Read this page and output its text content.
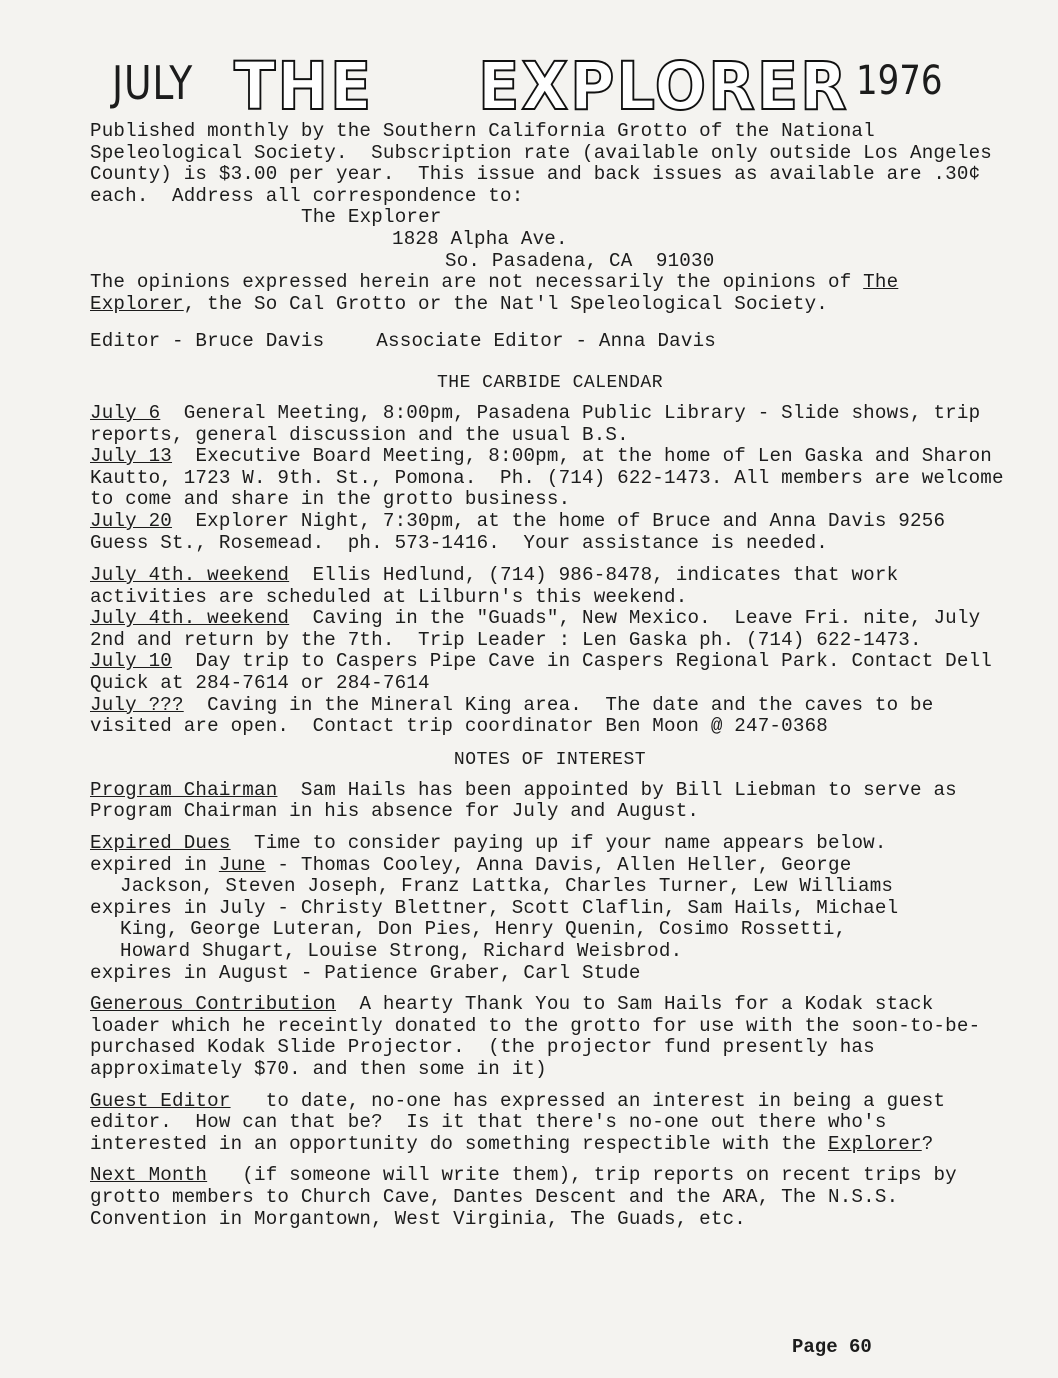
JULY THE EXPLORER 1976

Published monthly by the Southern California Grotto of the National Speleological Society.  Subscription rate (available only outside Los Angeles County) is $3.00 per year.  This issue and back issues as available are .30¢ each.  Address all correspondence to:

The Explorer

1828 Alpha Ave.

So. Pasadena, CA  91030

The opinions expressed herein are not necessarily the opinions of The Explorer, the So Cal Grotto or the Nat'l Speleological Society.

Editor - Bruce Davis	Associate Editor - Anna Davis

THE CARBIDE CALENDAR

July 6  General Meeting, 8:00pm, Pasadena Public Library - Slide shows, trip reports, general discussion and the usual B.S.

July 13  Executive Board Meeting, 8:00pm, at the home of Len Gaska and Sharon Kautto, 1723 W. 9th. St., Pomona.  Ph. (714) 622-1473. All members are welcome to come and share in the grotto business.

July 20  Explorer Night, 7:30pm, at the home of Bruce and Anna Davis 9256 Guess St., Rosemead.  ph. 573-1416.  Your assistance is needed.

July 4th. weekend  Ellis Hedlund, (714) 986-8478, indicates that work activities are scheduled at Lilburn's this weekend.

July 4th. weekend  Caving in the "Guads", New Mexico.  Leave Fri. nite, July 2nd and return by the 7th.  Trip Leader : Len Gaska ph. (714) 622-1473.

July 10  Day trip to Caspers Pipe Cave in Caspers Regional Park. Contact Dell Quick at 284-7614 or 284-7614

July ???  Caving in the Mineral King area.  The date and the caves to be visited are open.  Contact trip coordinator Ben Moon @ 247-0368

NOTES OF INTEREST

Program Chairman  Sam Hails has been appointed by Bill Liebman to serve as Program Chairman in his absence for July and August.

Expired Dues  Time to consider paying up if your name appears below.

expired in June - Thomas Cooley, Anna Davis, Allen Heller, George

Jackson, Steven Joseph, Franz Lattka, Charles Turner, Lew Williams

expires in July - Christy Blettner, Scott Claflin, Sam Hails, Michael

King, George Luteran, Don Pies, Henry Quenin, Cosimo Rossetti,

Howard Shugart, Louise Strong, Richard Weisbrod.

expires in August - Patience Graber, Carl Stude

Generous Contribution  A hearty Thank You to Sam Hails for a Kodak stack loader which he receintly donated to the grotto for use with the soon-to-be-purchased Kodak Slide Projector.  (the projector fund presently has approximately $70. and then some in it)

Guest Editor   to date, no-one has expressed an interest in being a guest editor.  How can that be?  Is it that there's no-one out there who's interested in an opportunity do something respectible with the Explorer?

Next Month   (if someone will write them), trip reports on recent trips by grotto members to Church Cave, Dantes Descent and the ARA, The N.S.S. Convention in Morgantown, West Virginia, The Guads, etc.

Page 60
